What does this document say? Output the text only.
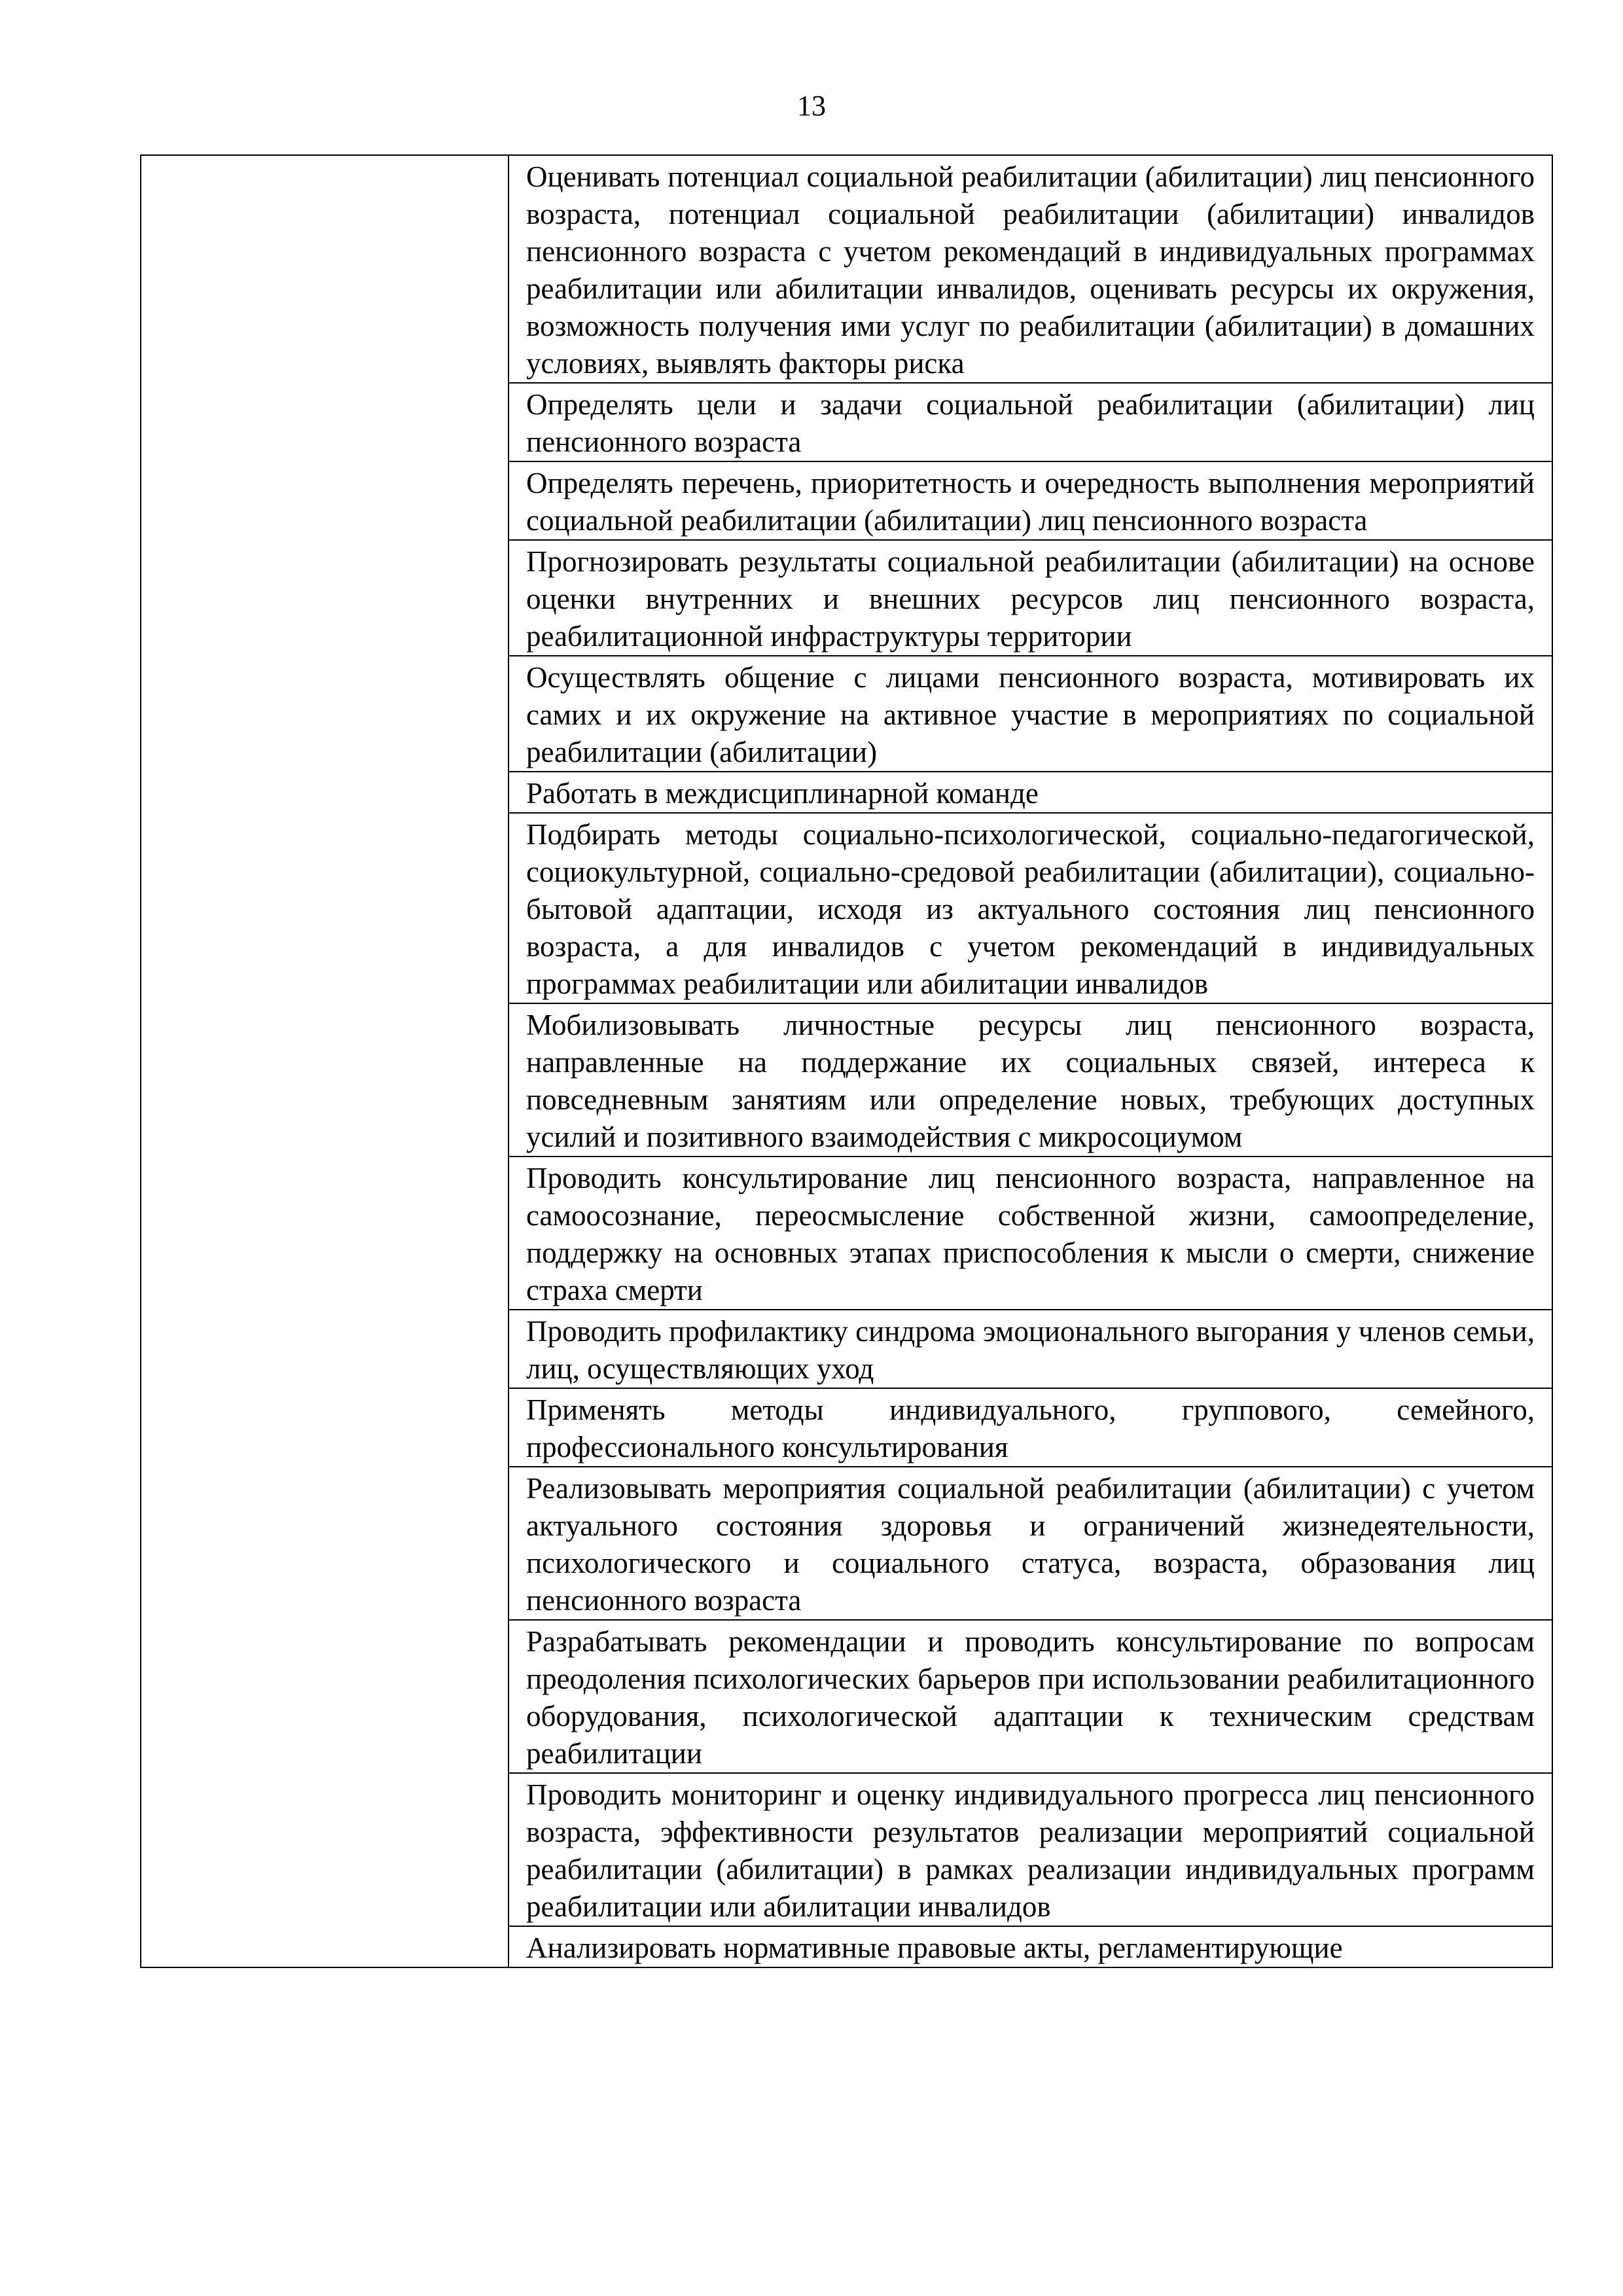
13
	Оценивать потенциал социальной реабилитации (абилитации) лиц пенсионного возраста, потенциал социальной реабилитации (абилитации) инвалидов пенсионного возраста с учетом рекомендаций в индивидуальных программах реабилитации или абилитации инвалидов, оценивать ресурсы их окружения, возможность получения ими услуг по реабилитации (абилитации) в домашних условиях, выявлять факторы риска
Определять цели и задачи социальной реабилитации (абилитации) лиц пенсионного возраста
Определять перечень, приоритетность и очередность выполнения мероприятий социальной реабилитации (абилитации) лиц пенсионного возраста
Прогнозировать результаты социальной реабилитации (абилитации) на основе оценки внутренних и внешних ресурсов лиц пенсионного возраста, реабилитационной инфраструктуры территории
Осуществлять общение с лицами пенсионного возраста, мотивировать их самих и их окружение на активное участие в мероприятиях по социальной реабилитации (абилитации)
Работать в междисциплинарной команде
Подбирать методы социально-психологической, социально-педагогической, социокультурной, социально-средовой реабилитации (абилитации), социально-бытовой адаптации, исходя из актуального состояния лиц пенсионного возраста, а для инвалидов с учетом рекомендаций в индивидуальных программах реабилитации или абилитации инвалидов
Мобилизовывать личностные ресурсы лиц пенсионного возраста, направленные на поддержание их социальных связей, интереса к повседневным занятиям или определение новых, требующих доступных усилий и позитивного взаимодействия с микросоциумом
Проводить консультирование лиц пенсионного возраста, направленное на самоосознание, переосмысление собственной жизни, самоопределение, поддержку на основных этапах приспособления к мысли о смерти, снижение страха смерти
Проводить профилактику синдрома эмоционального выгорания у членов семьи, лиц, осуществляющих уход
Применять методы индивидуального, группового, семейного, профессионального консультирования
Реализовывать мероприятия социальной реабилитации (абилитации) с учетом актуального состояния здоровья и ограничений жизнедеятельности, психологического и социального статуса, возраста, образования лиц пенсионного возраста
Разрабатывать рекомендации и проводить консультирование по вопросам преодоления психологических барьеров при использовании реабилитационного оборудования, психологической адаптации к техническим средствам реабилитации
Проводить мониторинг и оценку индивидуального прогресса лиц пенсионного возраста, эффективности результатов реализации мероприятий социальной реабилитации (абилитации) в рамках реализации индивидуальных программ реабилитации или абилитации инвалидов
Анализировать нормативные правовые акты, регламентирующие
